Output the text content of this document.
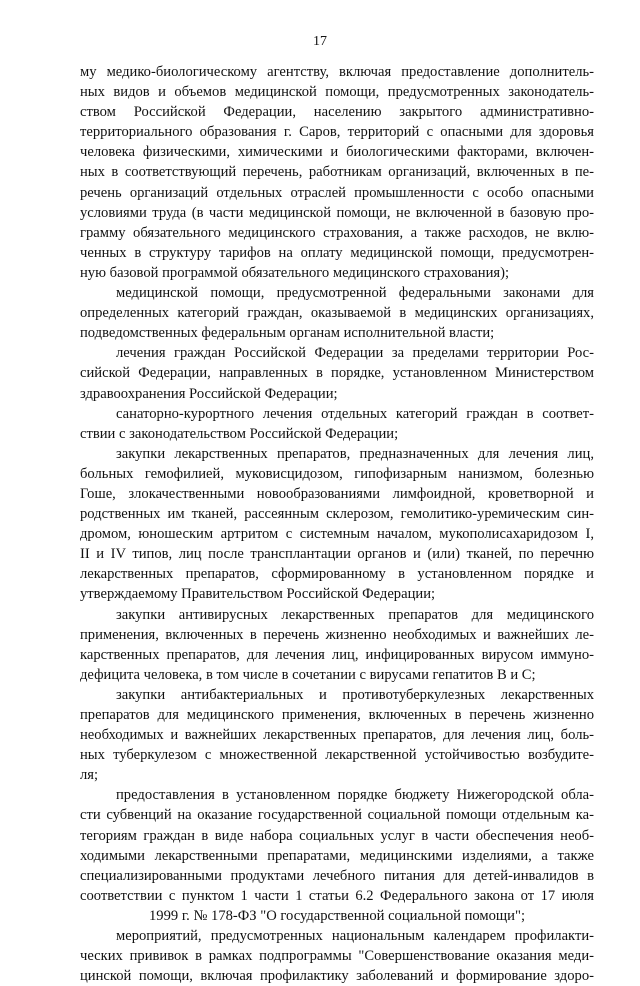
17
му медико-биологическому агентству, включая предоставление дополнитель-
ных видов и объемов медицинской помощи, предусмотренных законодатель-
ством Российской Федерации, населению закрытого административно-
территориального образования г. Саров, территорий с опасными для здоровья
человека физическими, химическими и биологическими факторами, включен-
ных в соответствующий перечень, работникам организаций, включенных в пе-
речень организаций отдельных отраслей промышленности с особо опасными
условиями труда (в части медицинской помощи, не включенной в базовую про-
грамму обязательного медицинского страхования, а также расходов, не вклю-
ченных в структуру тарифов на оплату медицинской помощи, предусмотрен-
ную базовой программой обязательного медицинского страхования);
медицинской помощи, предусмотренной федеральными законами для
определенных категорий граждан, оказываемой в медицинских организациях,
подведомственных федеральным органам исполнительной власти;
лечения граждан Российской Федерации за пределами территории Рос-
сийской Федерации, направленных в порядке, установленном Министерством
здравоохранения Российской Федерации;
санаторно-курортного лечения отдельных категорий граждан в соответ-
ствии с законодательством Российской Федерации;
закупки лекарственных препаратов, предназначенных для лечения лиц,
больных гемофилией, муковисцидозом, гипофизарным нанизмом, болезнью
Гоше, злокачественными новообразованиями лимфоидной, кроветворной и
родственных им тканей, рассеянным склерозом, гемолитико-уремическим син-
дромом, юношеским артритом с системным началом, мукополисахаридозом I,
II и IV типов, лиц после трансплантации органов и (или) тканей, по перечню
лекарственных препаратов, сформированному в установленном порядке и
утверждаемому Правительством Российской Федерации;
закупки антивирусных лекарственных препаратов для медицинского
применения, включенных в перечень жизненно необходимых и важнейших ле-
карственных препаратов, для лечения лиц, инфицированных вирусом иммуно-
дефицита человека, в том числе в сочетании с вирусами гепатитов В и С;
закупки антибактериальных и противотуберкулезных лекарственных
препаратов для медицинского применения, включенных в перечень жизненно
необходимых и важнейших лекарственных препаратов, для лечения лиц, боль-
ных туберкулезом с множественной лекарственной устойчивостью возбудите-
ля;
предоставления в установленном порядке бюджету Нижегородской обла-
сти субвенций на оказание государственной социальной помощи отдельным ка-
тегориям граждан в виде набора социальных услуг в части обеспечения необ-
ходимыми лекарственными препаратами, медицинскими изделиями, а также
специализированными продуктами лечебного питания для детей-инвалидов в
соответствии с пунктом 1 части 1 статьи 6.2 Федерального закона от 17 июля
1999 г. № 178-ФЗ "О государственной социальной помощи";
мероприятий, предусмотренных национальным календарем профилакти-
ческих прививок в рамках подпрограммы "Совершенствование оказания меди-
цинской помощи, включая профилактику заболеваний и формирование здоро-
